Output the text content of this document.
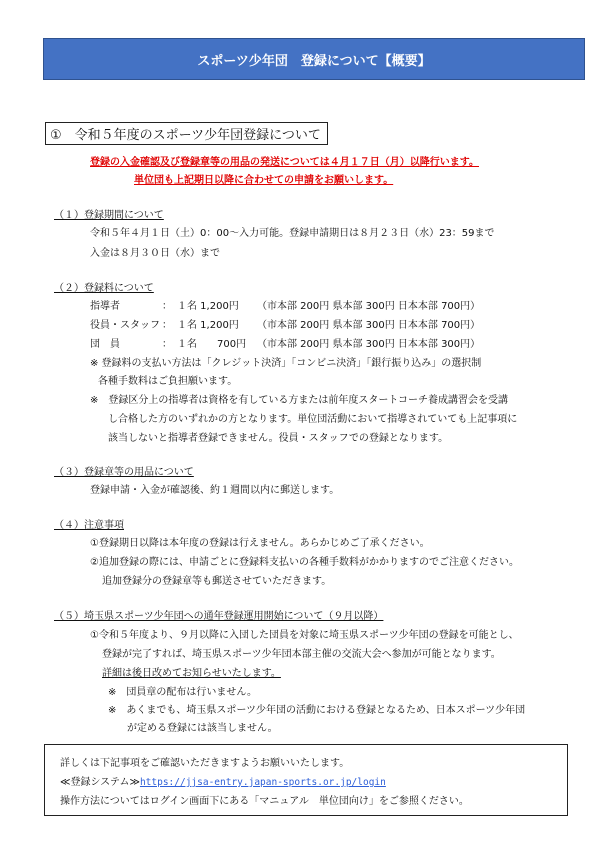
スポーツ少年団　登録について【概要】
①　令和５年度のスポーツ少年団登録について
登録の入金確認及び登録章等の用品の発送については４月１７日（月）以降行います。
単位団も上記期日以降に合わせての申請をお願いします。
（１）登録期間について
令和５年４月１日（土）0：00～入力可能。登録申請期日は８月２３日（水）23：59まで
入金は８月３０日（水）まで
（２）登録料について
指導者	：　１名 1,200円 （市本部 200円 県本部 300円 日本本部 700円）
役員・スタッフ ：　１名 1,200円 （市本部 200円 県本部 300円 日本本部 700円）
団　員	：　１名　　700円 （市本部 200円 県本部 300円 日本本部 300円）
※ 登録料の支払い方法は「クレジット決済」「コンビニ決済」「銀行振り込み」の選択制
各種手数料はご負担願います。
※　登録区分上の指導者は資格を有している方または前年度スタートコーチ養成講習会を受講
し合格した方のいずれかの方となります。単位団活動において指導されていても上記事項に
該当しないと指導者登録できません。役員・スタッフでの登録となります。
（３）登録章等の用品について
登録申請・入金が確認後、約１週間以内に郵送します。
（４）注意事項
①登録期日以降は本年度の登録は行えません。あらかじめご了承ください。
②追加登録の際には、申請ごとに登録料支払いの各種手数料がかかりますのでご注意ください。
追加登録分の登録章等も郵送させていただきます。
（５）埼玉県スポーツ少年団への通年登録運用開始について（９月以降）
①令和５年度より、９月以降に入団した団員を対象に埼玉県スポーツ少年団の登録を可能とし、
登録が完了すれば、埼玉県スポーツ少年団本部主催の交流大会へ参加が可能となります。
詳細は後日改めてお知らせいたします。
※　団員章の配布は行いません。
※　あくまでも、埼玉県スポーツ少年団の活動における登録となるため、日本スポーツ少年団
が定める登録には該当しません。
詳しくは下記事項をご確認いただきますようお願いいたします。
≪登録システム≫https://jjsa-entry.japan-sports.or.jp/login
操作方法についてはログイン画面下にある「マニュアル　単位団向け」をご参照ください。
